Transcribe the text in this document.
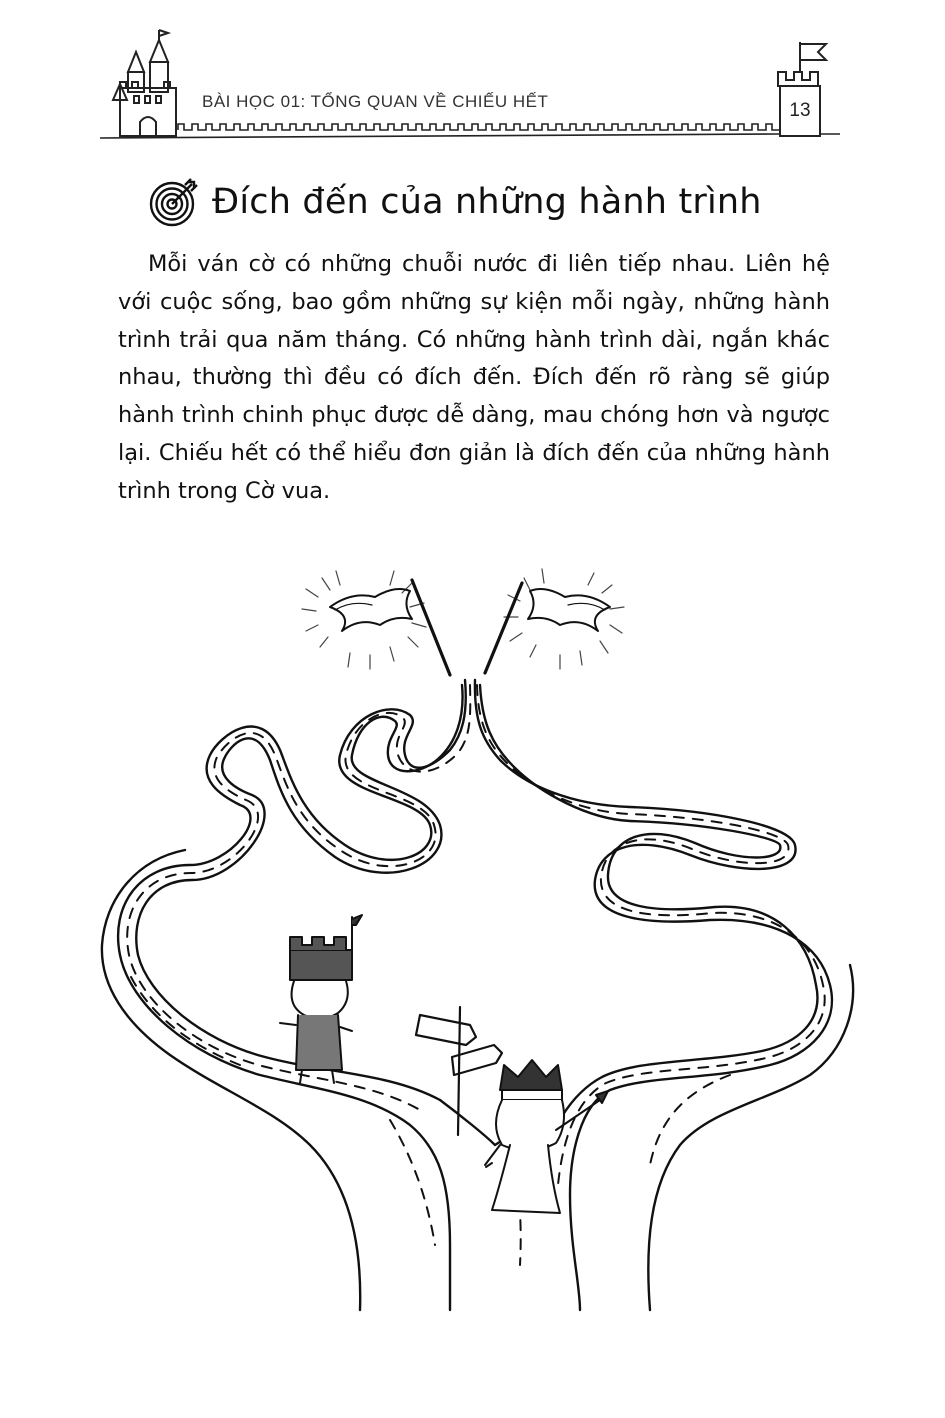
BÀI HỌC 01: TỔNG QUAN VỀ CHIẾU HẾT	13
Đích đến của những hành trình

Mỗi ván cờ có những chuỗi nước đi liên tiếp nhau. Liên hệ với cuộc sống, bao gồm những sự kiện mỗi ngày, những hành trình trải qua năm tháng. Có những hành trình dài, ngắn khác nhau, thường thì đều có đích đến. Đích đến rõ ràng sẽ giúp hành trình chinh phục được dễ dàng, mau chóng hơn và ngược lại. Chiếu hết có thể hiểu đơn giản là đích đến của những hành trình trong Cờ vua.
